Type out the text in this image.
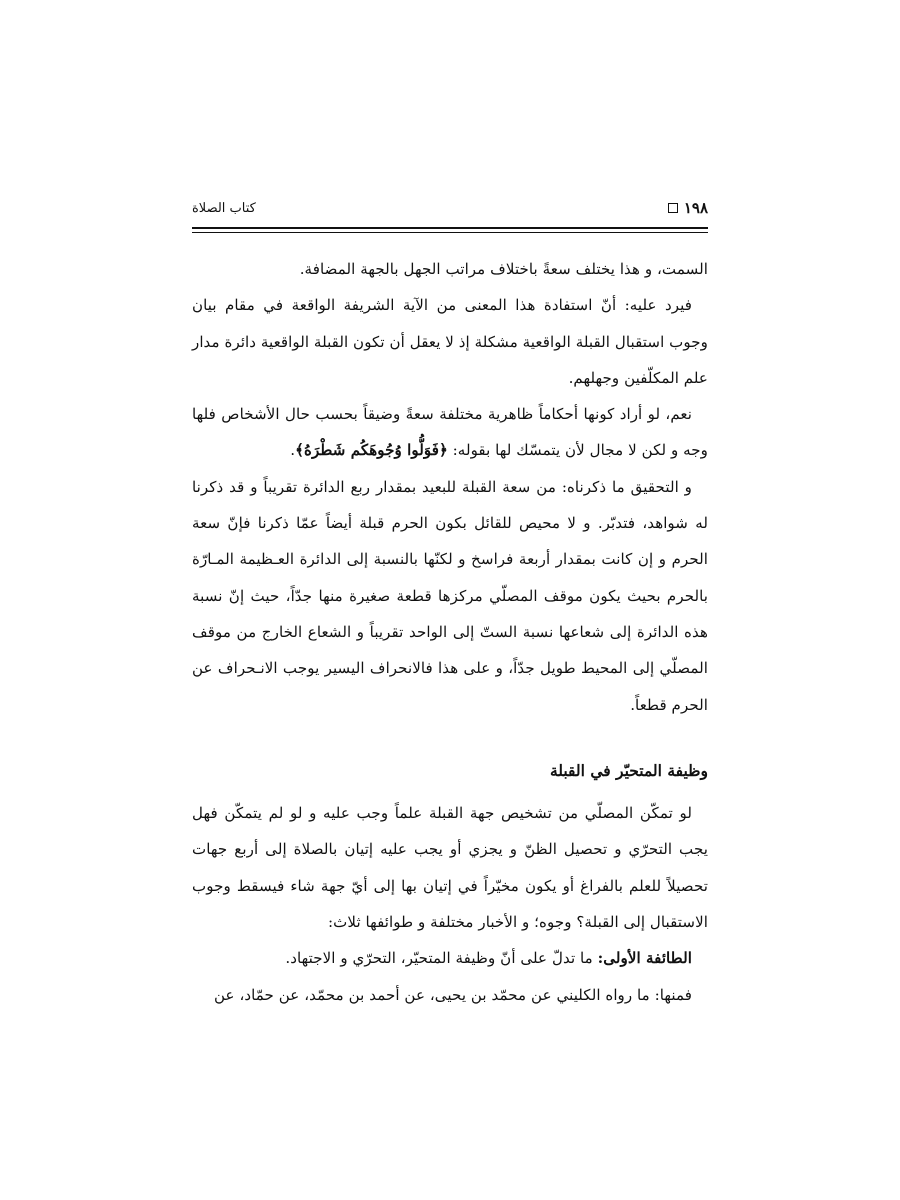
۱۹۸
كتاب الصلاة

السمت، و هذا يختلف سعةً باختلاف مراتب الجهل بالجهة المضافة.

فيرد عليه: أنّ استفادة هذا المعنى من الآية الشريفة الواقعة في مقام بيان وجوب استقبال القبلة الواقعية مشكلة إذ لا يعقل أن تكون القبلة الواقعية دائرة مدار علم المكلّفين وجهلهم.

نعم، لو أراد كونها أحكاماً ظاهرية مختلفة سعةً وضيقاً بحسب حال الأشخاص فلها وجه و لكن لا مجال لأن يتمسّك لها بقوله: ﴿فَوَلُّوا وُجُوهَكُم شَطْرَهُ﴾.

و التحقيق ما ذكرناه: من سعة القبلة للبعيد بمقدار ربع الدائرة تقريباً و قد ذكرنا له شواهد، فتدبّر. و لا محيص للقائل بكون الحرم قبلة أيضاً عمّا ذكرنا فإنّ سعة الحرم و إن كانت بمقدار أربعة فراسخ و لكنّها بالنسبة إلى الدائرة العـظيمة المـارّة بالحرم بحيث يكون موقف المصلّي مركزها قطعة صغيرة منها جدّاً، حيث إنّ نسبة هذه الدائرة إلى شعاعها نسبة الستّ إلى الواحد تقريباً و الشعاع الخارج من موقف المصلّي إلى المحيط طويل جدّاً، و على هذا فالانحراف اليسير يوجب الانـحراف عن الحرم قطعاً.

وظيفة المتحيّر في القبلة

لو تمكّن المصلّي من تشخيص جهة القبلة علماً وجب عليه و لو لم يتمكّن فهل يجب التحرّي و تحصيل الظنّ و يجزي أو يجب عليه إتيان بالصلاة إلى أربع جهات تحصيلاً للعلم بالفراغ أو يكون مخيّراً في إتيان بها إلى أيّ جهة شاء فيسقط وجوب الاستقبال إلى القبلة؟ وجوه؛ و الأخبار مختلفة و طوائفها ثلاث:

الطائفة الأولى: ما تدلّ على أنّ وظيفة المتحيّر، التحرّي و الاجتهاد.

فمنها: ما رواه الكليني عن محمّد بن يحيى، عن أحمد بن محمّد، عن حمّاد، عن
